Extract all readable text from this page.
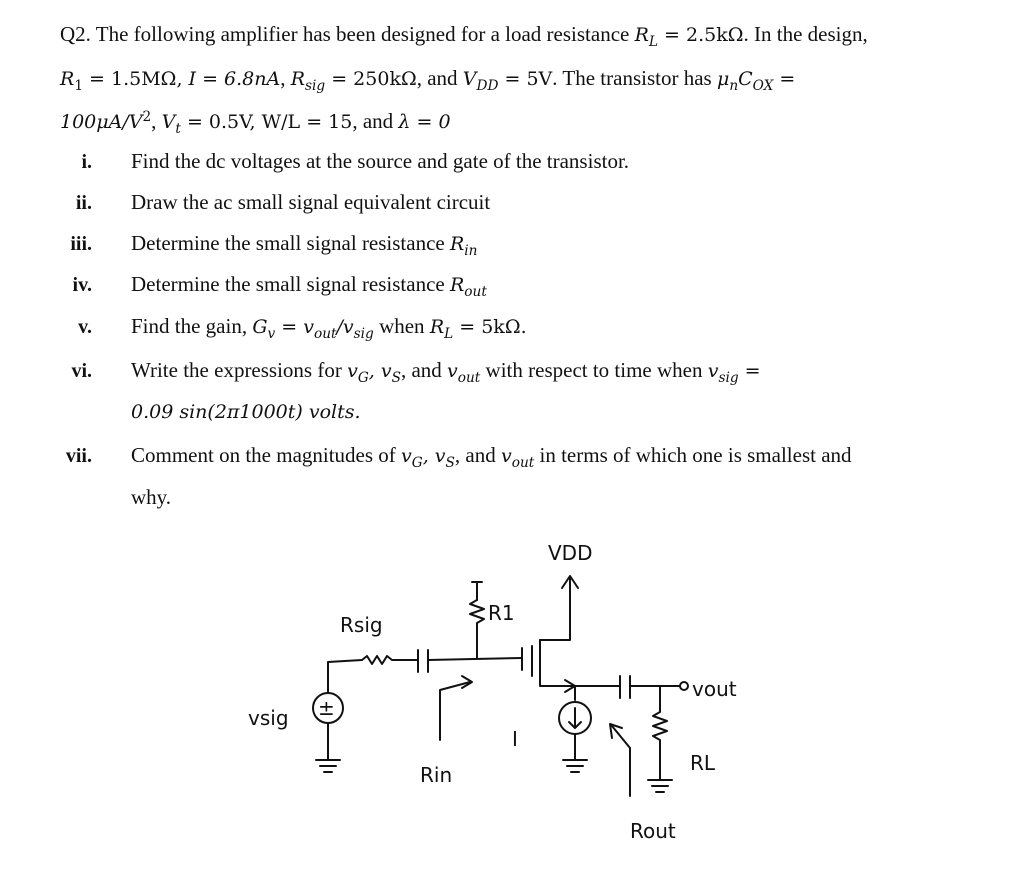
Q2. The following amplifier has been designed for a load resistance $R_L = 2.5k\Omega$. In the design,
$R_1 = 1.5M\Omega$, I = 6.8nA, $R_{sig} = 250k\Omega$, and $V_{DD} = 5V$. The transistor has $\mu_nC_{OX}$ =
$100\mu A/V^2$, $V_t = 0.5V$, W/L = 15, and λ = 0
i. Find the dc voltages at the source and gate of the transistor.
ii. Draw the ac small signal equivalent circuit
iii. Determine the small signal resistance $R_{in}$
iv. Determine the small signal resistance $R_{out}$
v. Find the gain, $G_v = v_{out}/v_{sig}$ when $R_L = 5k\Omega$.
vi. Write the expressions for $v_G$, $v_S$, and $v_{out}$ with respect to time when $v_{sig}$ =
0.09 sin(2π1000t) volts.
vii. Comment on the magnitudes of $v_G$, $v_S$, and $v_{out}$ in terms of which one is smallest and
why.
VDD
R1
Rsig
±
vsig
Rin
vout
I
RL
Rout
